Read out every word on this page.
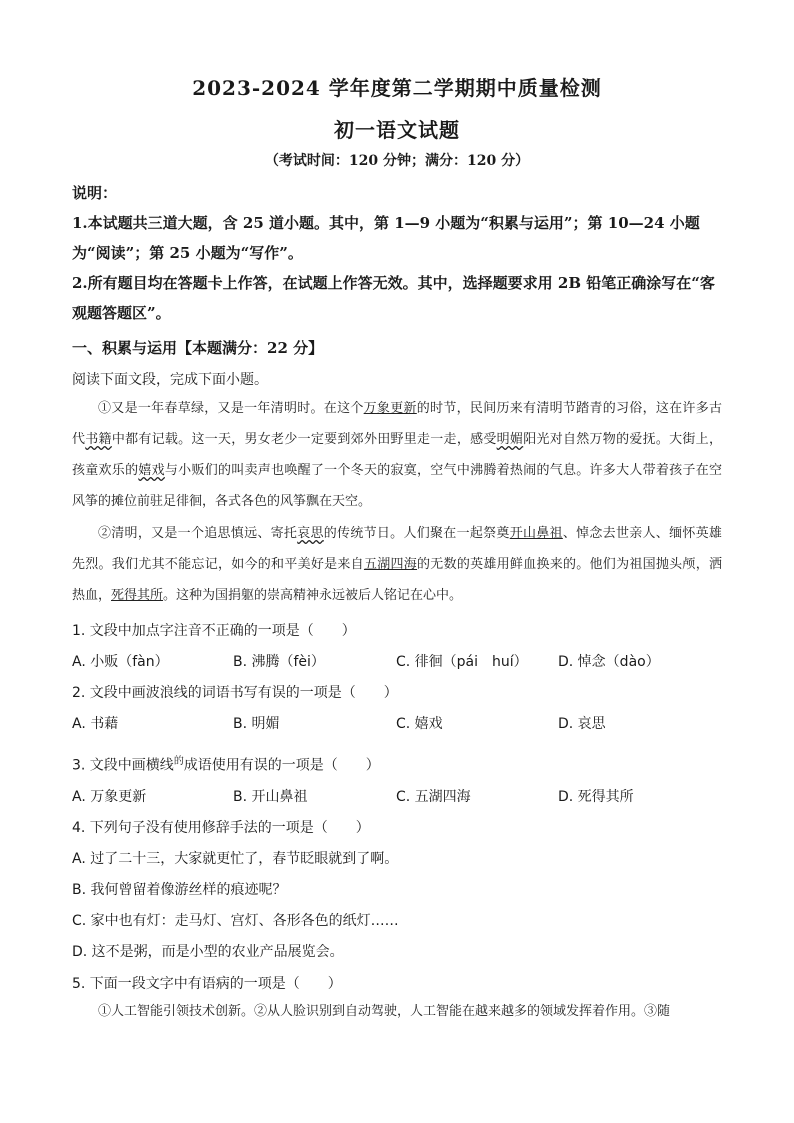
2023-2024 学年度第二学期期中质量检测
初一语文试题
（考试时间：120 分钟；满分：120 分）
说明：
1.本试题共三道大题，含 25 道小题。其中，第 1—9 小题为“积累与运用”；第 10—24 小题为“阅读”；第 25 小题为“写作”。
2.所有题目均在答题卡上作答，在试题上作答无效。其中，选择题要求用 2B 铅笔正确涂写在“客观题答题区”。
一、积累与运用【本题满分：22 分】
阅读下面文段，完成下面小题。
①又是一年春草绿，又是一年清明时。在这个万象更新的时节，民间历来有清明节踏青的习俗，这在许多古代书籍中都有记载。这一天，男女老少一定要到郊外田野里走一走，感受明媚阳光对自然万物的爱抚。大街上，孩童欢乐的嬉戏与小贩们的叫卖声也唤醒了一个冬天的寂寞，空气中沸腾着热闹的气息。许多大人带着孩子在空风筝的摊位前驻足徘徊，各式各色的风筝飘在天空。
②清明，又是一个追思慎远、寄托哀思的传统节日。人们聚在一起祭奠开山鼻祖、悼念去世亲人、缅怀英雄先烈。我们尤其不能忘记，如今的和平美好是来自五湖四海的无数的英雄用鲜血换来的。他们为祖国抛头颅，洒热血，死得其所。这种为国捐躯的崇高精神永远被后人铭记在心中。
1. 文段中加点字注音不正确的一项是（　　）
A. 小贩（fàn）	B. 沸腾（fèi）	C. 徘徊（pái　huí） D. 悼念（dào）
2. 文段中画波浪线的词语书写有误的一项是（　　）
A. 书藉	B. 明媚	C. 嬉戏	D. 哀思
3. 文段中画横线$^的$成语使用有误的一项是（　　）
A. 万象更新	B. 开山鼻祖	C. 五湖四海	D. 死得其所
4. 下列句子没有使用修辞手法的一项是（　　）
A. 过了二十三，大家就更忙了，春节眨眼就到了啊。
B. 我何曾留着像游丝样的痕迹呢？
C. 家中也有灯：走马灯、宫灯、各形各色的纸灯……
D. 这不是粥，而是小型的农业产品展览会。
5. 下面一段文字中有语病的一项是（　　）
①人工智能引领技术创新。②从人脸识别到自动驾驶，人工智能在越来越多的领域发挥着作用。③随
